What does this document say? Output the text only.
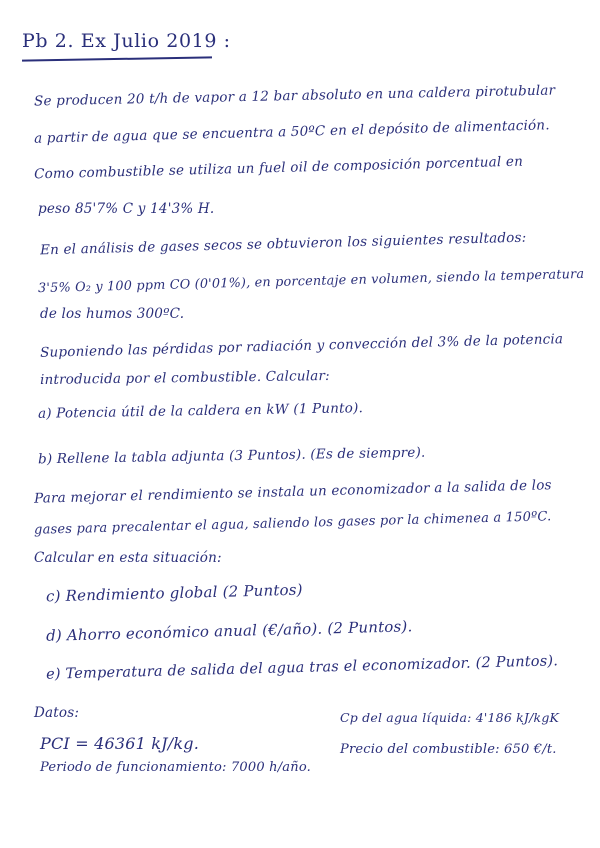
Pb 2. Ex Julio 2019 :
Se producen 20 t/h de vapor a 12 bar absoluto en una caldera pirotubular
a partir de agua que se encuentra a 50ºC en el depósito de alimentación.
Como combustible se utiliza un fuel oil de composición porcentual en
peso 85'7% C y 14'3% H.
En el análisis de gases secos se obtuvieron los siguientes resultados:
3'5% O₂ y 100 ppm CO (0'01%), en porcentaje en volumen, siendo la temperatura
de los humos 300ºC.
Suponiendo las pérdidas por radiación y convección del 3% de la potencia
introducida por el combustible. Calcular:
a) Potencia útil de la caldera en kW (1 Punto).
b) Rellene la tabla adjunta (3 Puntos). (Es de siempre).
Para mejorar el rendimiento se instala un economizador a la salida de los
gases para precalentar el agua, saliendo los gases por la chimenea a 150ºC.
Calcular en esta situación:
c) Rendimiento global (2 Puntos)
d) Ahorro económico anual (€/año). (2 Puntos).
e) Temperatura de salida del agua tras el economizador. (2 Puntos).
Datos:
PCI = 46361 kJ/kg.
Periodo de funcionamiento: 7000 h/año.
Cp del agua líquida: 4'186 kJ/kgK
Precio del combustible: 650 €/t.
